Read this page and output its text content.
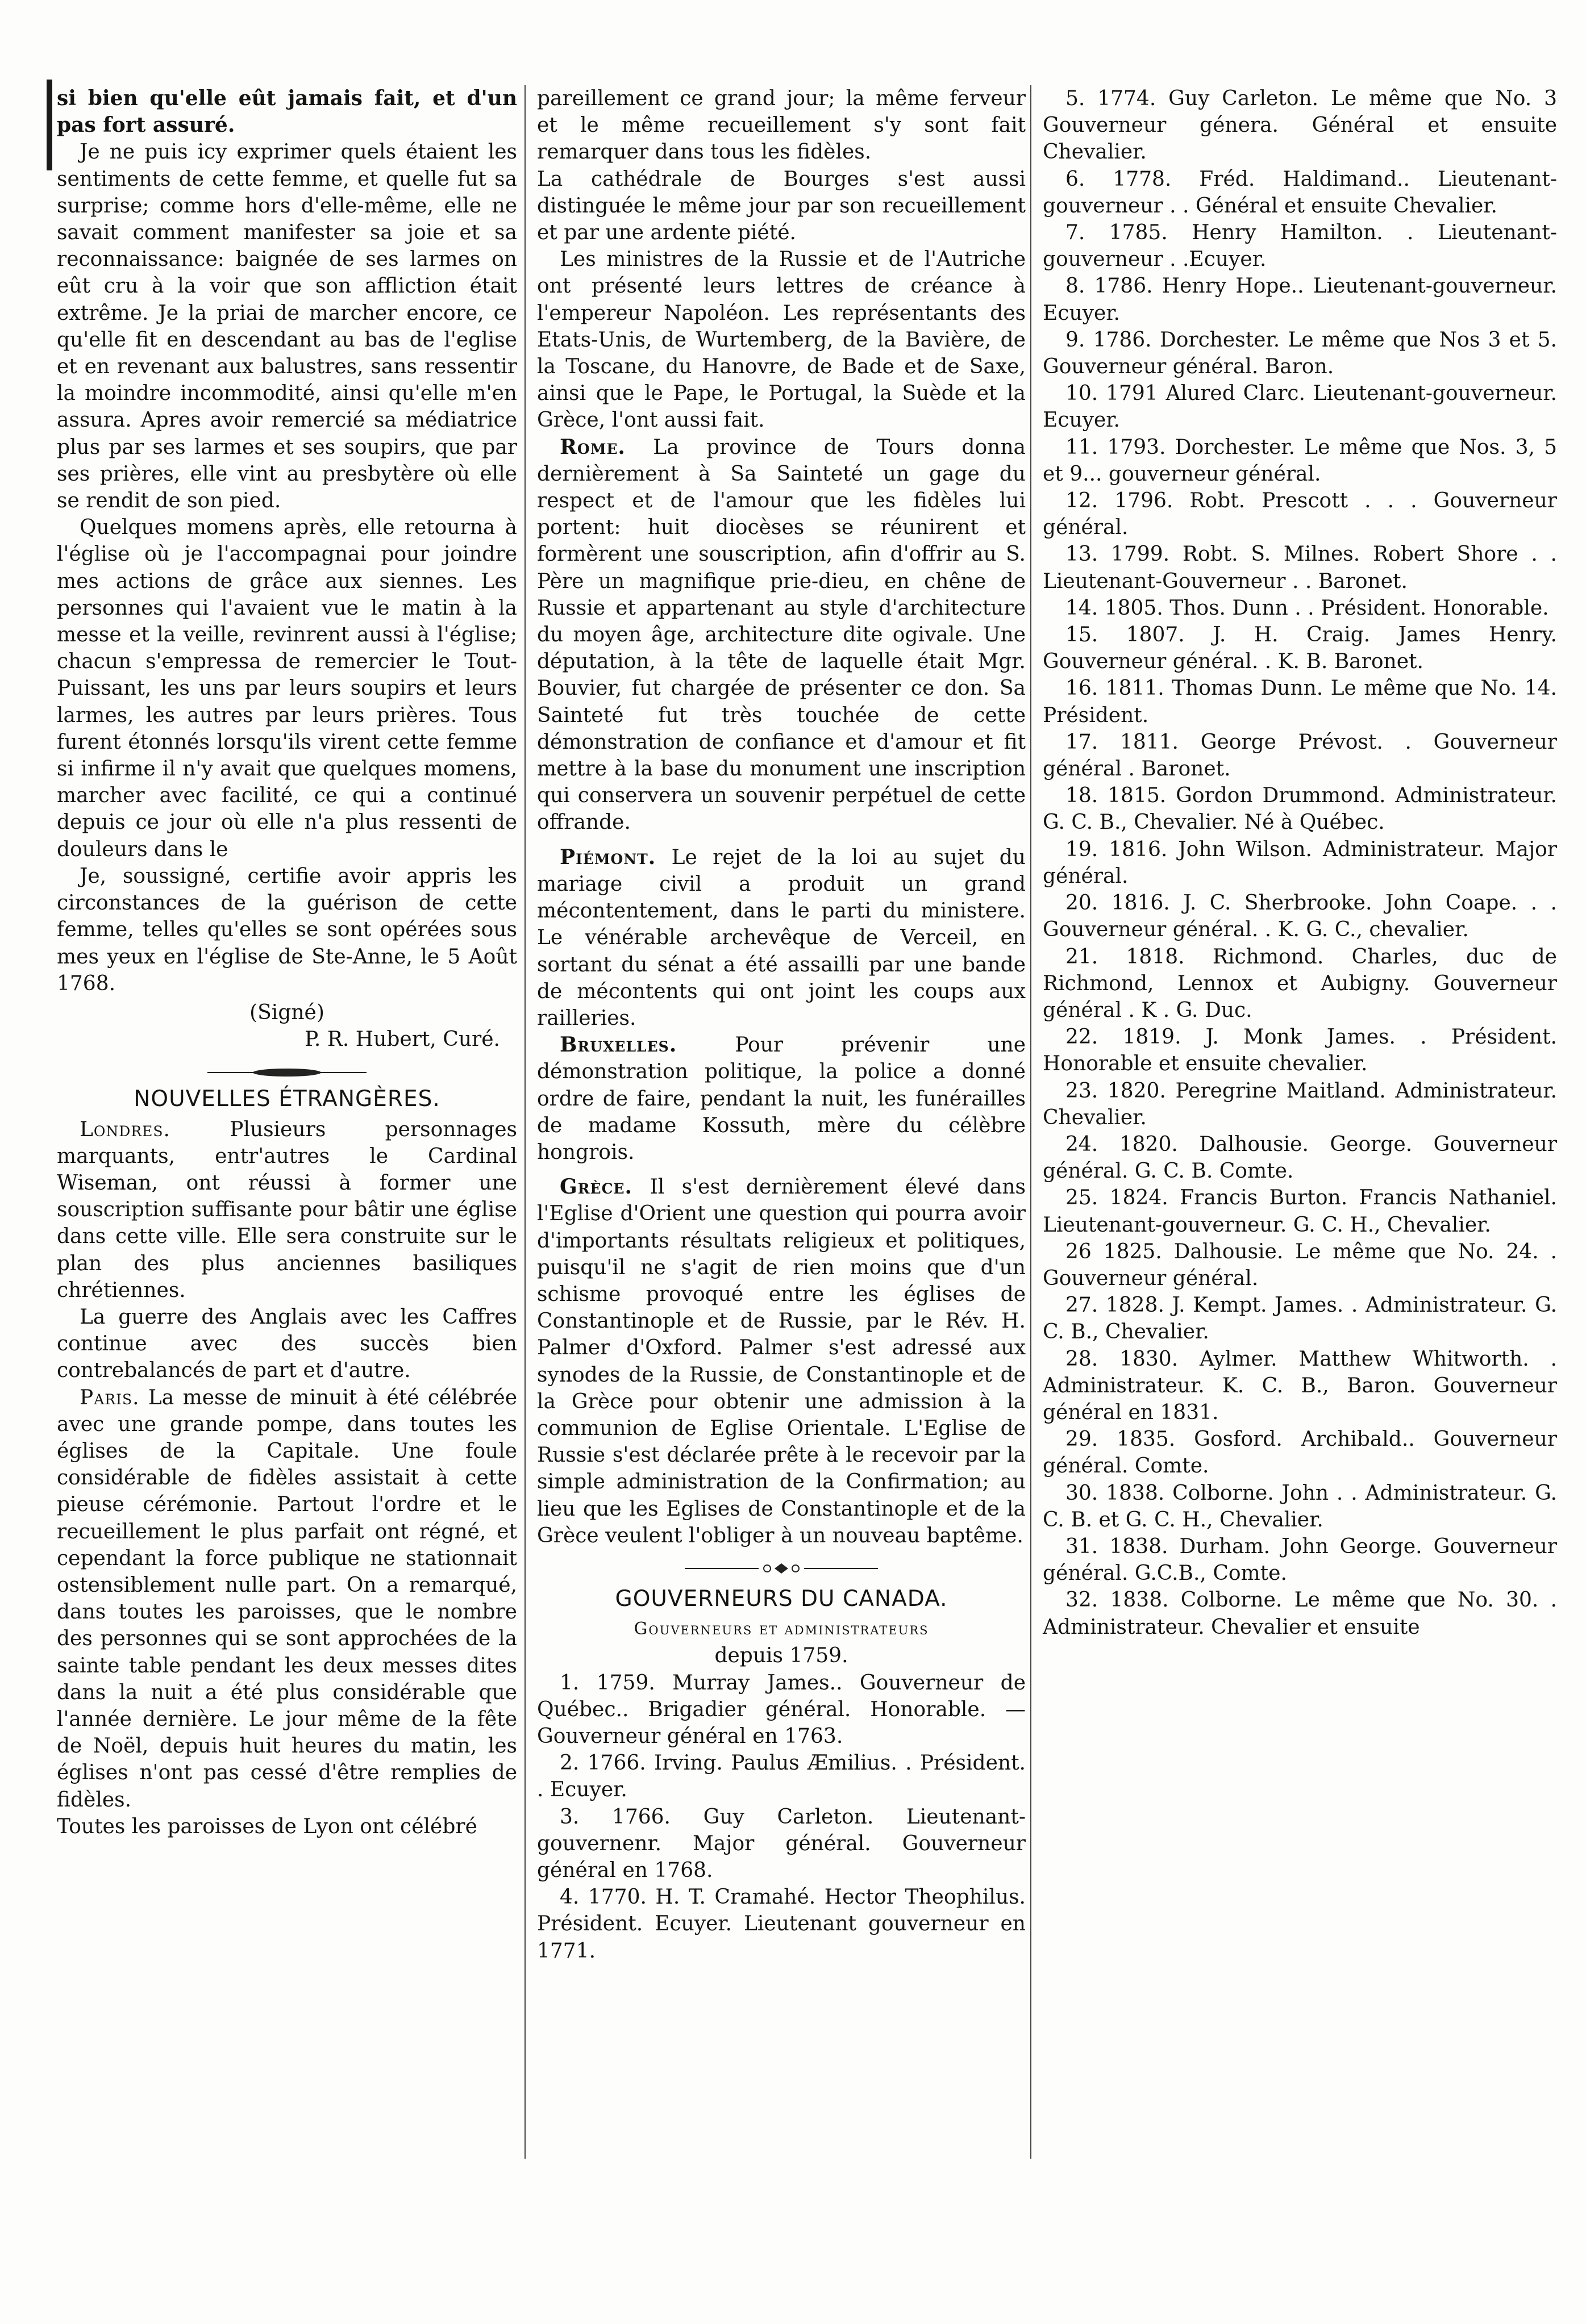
si bien qu'elle eût jamais fait, et d'un pas fort assuré.

Je ne puis icy exprimer quels étaient les sentiments de cette femme, et quelle fut sa surprise; comme hors d'elle-même, elle ne savait comment manifester sa joie et sa reconnaissance: baignée de ses larmes on eût cru à la voir que son affliction était extrême. Je la priai de marcher encore, ce qu'elle fit en descendant au bas de l'eglise et en revenant aux balustres, sans ressentir la moindre incommodité, ainsi qu'elle m'en assura. Apres avoir remercié sa médiatrice plus par ses larmes et ses soupirs, que par ses prières, elle vint au presbytère où elle se rendit de son pied.

Quelques momens après, elle retourna à l'église où je l'accompagnai pour joindre mes actions de grâce aux siennes. Les personnes qui l'avaient vue le matin à la messe et la veille, revinrent aussi à l'église; chacun s'empressa de remercier le Tout-Puissant, les uns par leurs soupirs et leurs larmes, les autres par leurs prières. Tous furent étonnés lorsqu'ils virent cette femme si infirme il n'y avait que quelques momens, marcher avec facilité, ce qui a continué depuis ce jour où elle n'a plus ressenti de douleurs dans le

Je, soussigné, certifie avoir appris les circonstances de la guérison de cette femme, telles qu'elles se sont opérées sous mes yeux en l'église de Ste-Anne, le 5 Août 1768.

(Signé)

P. R. Hubert, Curé.

NOUVELLES ÉTRANGÈRES.

Londres.	Plusieurs personnages marquants, entr'autres le Cardinal Wiseman, ont réussi à former une souscription suffisante pour bâtir une église dans cette ville. Elle sera construite sur le plan des plus anciennes basiliques chrétiennes.

La guerre des Anglais avec les Caffres continue avec des succès bien contrebalancés de part et d'autre.

Paris. La messe de minuit à été célébrée avec une grande pompe, dans toutes les églises de la Capitale. Une foule considérable de fidèles assistait à cette pieuse cérémonie. Partout l'ordre et le recueillement le plus parfait ont régné, et cependant la force publique ne stationnait ostensiblement nulle part. On a remarqué, dans toutes les paroisses, que le nombre des personnes qui se sont approchées de la sainte table pendant les deux messes dites dans la nuit a été plus considérable que l'année dernière. Le jour même de la fête de Noël, depuis huit heures du matin, les églises n'ont pas cessé d'être remplies de fidèles.

Toutes les paroisses de Lyon ont célébré

pareillement ce grand jour; la même ferveur et le même recueillement s'y sont fait remarquer dans tous les fidèles.

La cathédrale de Bourges s'est aussi distinguée le même jour par son recueillement et par une ardente piété.

Les ministres de la Russie et de l'Autriche ont présenté leurs lettres de créance à l'empereur Napoléon. Les représentants des Etats-Unis, de Wurtemberg, de la Bavière, de la Toscane, du Hanovre, de Bade et de Saxe, ainsi que le Pape, le Portugal, la Suède et la Grèce, l'ont aussi fait.

Rome. La province de Tours donna dernièrement à Sa Sainteté un gage du respect et de l'amour que les fidèles lui portent: huit diocèses se réunirent et formèrent une souscription, afin d'offrir au S. Père un magnifique prie-dieu, en chêne de Russie et appartenant au style d'architecture du moyen âge, architecture dite ogivale. Une députation, à la tête de laquelle était Mgr. Bouvier, fut chargée de présenter ce don. Sa Sainteté fut très touchée de cette démonstration de confiance et d'amour et fit mettre à la base du monument une inscription qui conservera un souvenir perpétuel de cette offrande.

Piémont. Le rejet de la loi au sujet du mariage civil a produit un grand mécontentement, dans le parti du ministere. Le vénérable archevêque de Verceil, en sortant du sénat a été assailli par une bande de mécontents qui ont joint les coups aux railleries.

Bruxelles.	Pour prévenir une démonstration politique, la police a donné ordre de faire, pendant la nuit, les funérailles de madame Kossuth, mère du célèbre hongrois.

Grèce. Il s'est dernièrement élevé dans l'Eglise d'Orient une question qui pourra avoir d'importants résultats religieux et politiques, puisqu'il ne s'agit de rien moins que d'un schisme provoqué entre les églises de Constantinople et de Russie, par le Rév. H. Palmer d'Oxford. Palmer s'est adressé aux synodes de la Russie, de Constantinople et de la Grèce pour obtenir une admission à la communion de Eglise Orientale. L'Eglise de Russie s'est déclarée prête à le recevoir par la simple administration de la Confirmation; au lieu que les Eglises de Constantinople et de la Grèce veulent l'obliger à un nouveau baptême.

GOUVERNEURS DU CANADA.

Gouverneurs et administrateurs

depuis 1759.

1. 1759. Murray James.. Gouverneur de Québec.. Brigadier général. Honorable. — Gouverneur général en 1763.

2. 1766. Irving. Paulus Æmilius. . Président. . Ecuyer.

3. 1766. Guy Carleton. Lieutenant-gouvernenr. Major général. Gouverneur général en 1768.

4. 1770. H. T. Cramahé. Hector Theophilus. Président. Ecuyer. Lieutenant gouverneur en 1771.

5. 1774. Guy Carleton. Le même que No. 3 Gouverneur génera. Général et ensuite Chevalier.

6. 1778. Fréd. Haldimand.. Lieutenant-gouverneur . . Général et ensuite Chevalier.

7. 1785. Henry Hamilton. . Lieutenant-gouverneur . .Ecuyer.

8. 1786. Henry Hope.. Lieutenant-gouverneur. Ecuyer.

9. 1786. Dorchester. Le même que Nos 3 et 5. Gouverneur général. Baron.

10. 1791 Alured Clarc. Lieutenant-gouverneur. Ecuyer.

11. 1793. Dorchester. Le même que Nos. 3, 5 et 9... gouverneur général.

12. 1796. Robt. Prescott . . . Gouverneur général.

13. 1799. Robt. S. Milnes. Robert Shore . . Lieutenant-Gouverneur . . Baronet.

14. 1805. Thos. Dunn . . Président. Honorable.

15. 1807. J. H. Craig. James Henry. Gouverneur général. . K. B. Baronet.

16. 1811. Thomas Dunn. Le même que No. 14. Président.

17. 1811. George Prévost. . Gouverneur général . Baronet.

18. 1815. Gordon Drummond. Administrateur. G. C. B., Chevalier. Né à Québec.

19. 1816. John Wilson. Administrateur. Major général.

20. 1816. J. C. Sherbrooke. John Coape. . . Gouverneur général. . K. G. C., chevalier.

21. 1818. Richmond. Charles, duc de Richmond, Lennox et Aubigny. Gouverneur général . K . G. Duc.

22. 1819. J. Monk James. . Président. Honorable et ensuite chevalier.

23. 1820. Peregrine Maitland. Administrateur. Chevalier.

24. 1820. Dalhousie. George. Gouverneur général. G. C. B. Comte.

25. 1824. Francis Burton. Francis Nathaniel. Lieutenant-gouverneur. G. C. H., Chevalier.

26 1825. Dalhousie. Le même que No. 24. . Gouverneur général.

27. 1828. J. Kempt. James. . Administrateur. G. C. B., Chevalier.

28. 1830. Aylmer. Matthew Whitworth. . Administrateur. K. C. B., Baron. Gouverneur général en 1831.

29. 1835. Gosford. Archibald.. Gouverneur général. Comte.

30. 1838. Colborne. John . . Administrateur. G. C. B. et G. C. H., Chevalier.

31. 1838. Durham. John George. Gouverneur général. G.C.B., Comte.

32. 1838. Colborne. Le même que No. 30. . Administrateur. Chevalier et ensuite
